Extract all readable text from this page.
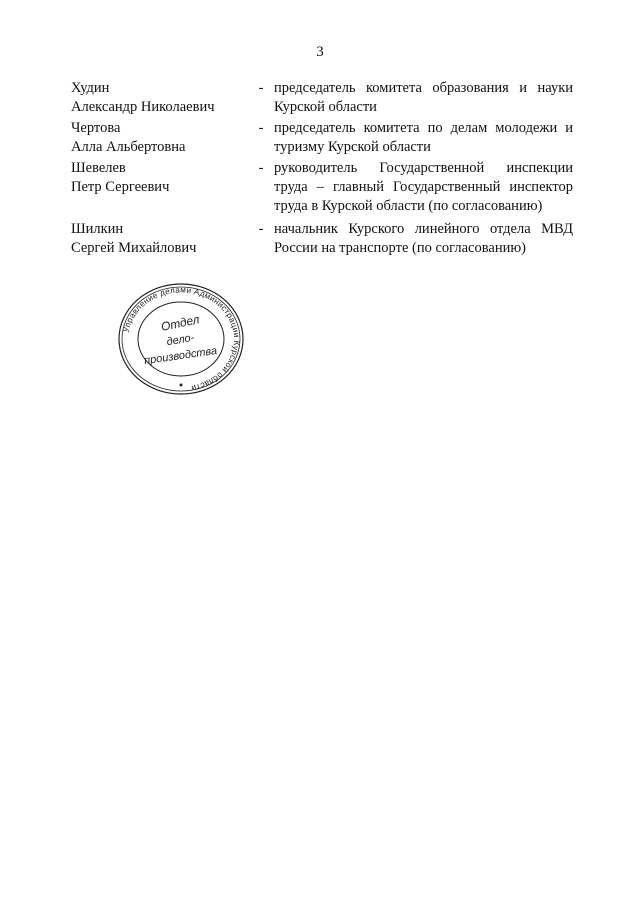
3
Худин
Александр Николаевич
- председатель комитета образования и науки Курской области
Чертова
Алла Альбертовна
- председатель комитета по делам молодежи и туризму Курской области
Шевелев
Петр Сергеевич
- руководитель Государственной инспекции труда – главный Государственный инспектор труда в Курской области (по согласованию)
Шилкин
Сергей Михайлович
- начальник Курского линейного отдела МВД России на транспорте (по согласованию)
Управление делами Администрации Курской области
Отдел
дело-
производства
